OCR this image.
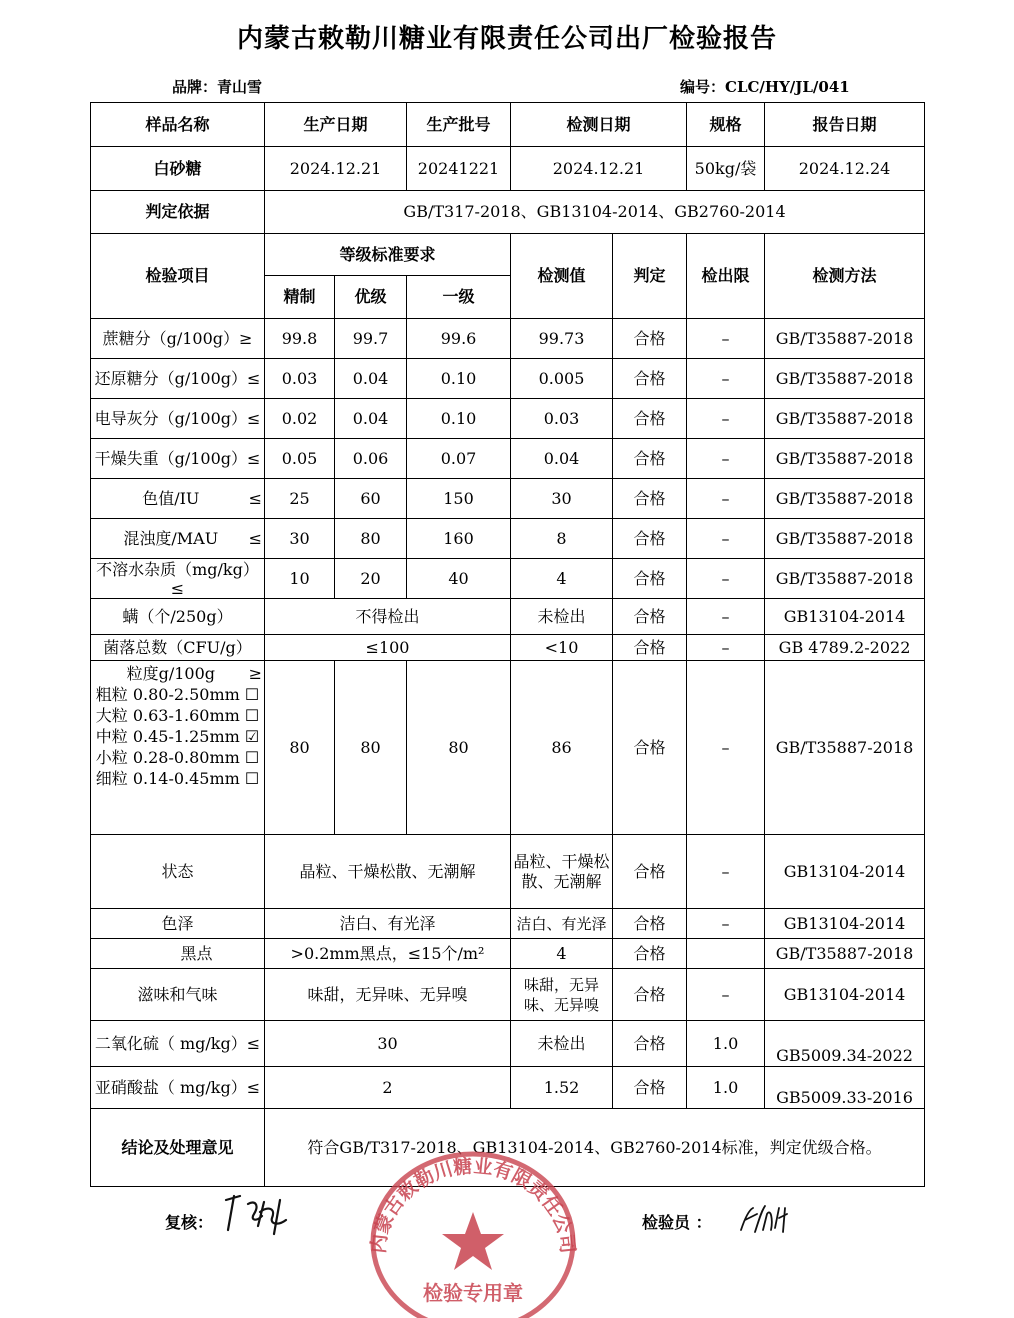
内蒙古敕勒川糖业有限责任公司出厂检验报告
品牌：青山雪	编号：CLC/HY/JL/041
样品名称	生产日期		生产批号	检测日期		规格	报告日期
白砂糖	2024.12.21		20241221	2024.12.21		50kg/袋	2024.12.24
判定依据	GB/T317-2018、GB13104-2014、GB2760-2014						
检验项目	等级标准要求			检测值	判定	检出限	检测方法
	精制	优级	一级				
蔗糖分（g/100g）≥	99.8	99.7	99.6	99.73	合格	–	GB/T35887-2018
还原糖分（g/100g）≤	0.03	0.04	0.10	0.005	合格	–	GB/T35887-2018
电导灰分（g/100g）≤	0.02	0.04	0.10	0.03	合格	–	GB/T35887-2018
干燥失重（g/100g）≤	0.05	0.06	0.07	0.04	合格	–	GB/T35887-2018
色值/IU ≤	25	60	150	30	合格	–	GB/T35887-2018
混浊度/MAU ≤	30	80	160	8	合格	–	GB/T35887-2018
不溶水杂质（mg/kg）≤	10	20	40	4	合格	–	GB/T35887-2018
螨（个/250g）	不得检出			未检出	合格	–	GB13104-2014
菌落总数（CFU/g）	≤100			<10	合格	–	GB 4789.2-2022

粒度g/100g ≥
粗粒 0.80-2.50mm ☐ 大粒 0.63-1.60mm ☐ 中粒 0.45-1.25mm ☑ 小粒 0.28-0.80mm ☐ 细粒 0.14-0.45mm ☐	80	80	80	86	合格	–	GB/T35887-2018
状态	晶粒、干燥松散、无潮解			晶粒、干燥松散、无潮解	合格	–	GB13104-2014
色泽	洁白、有光泽			洁白、有光泽	合格	–	GB13104-2014
黑点	>0.2mm黑点，≤15个/m²			4	合格		GB/T35887-2018
滋味和气味	味甜，无异味、无异嗅			味甜，无异味、无异嗅	合格	–	GB13104-2014
二氧化硫（ mg/kg）≤	30			未检出	合格	1.0	GB5009.34-2022
亚硝酸盐（ mg/kg）≤	2			1.52	合格	1.0	GB5009.33-2016
结论及处理意见	符合GB/T317-2018、GB13104-2014、GB2760-2014标准，判定优级合格。						
复核：	检验员 ：
内蒙古敕勒川糖业有限责任公司
检验专用章
